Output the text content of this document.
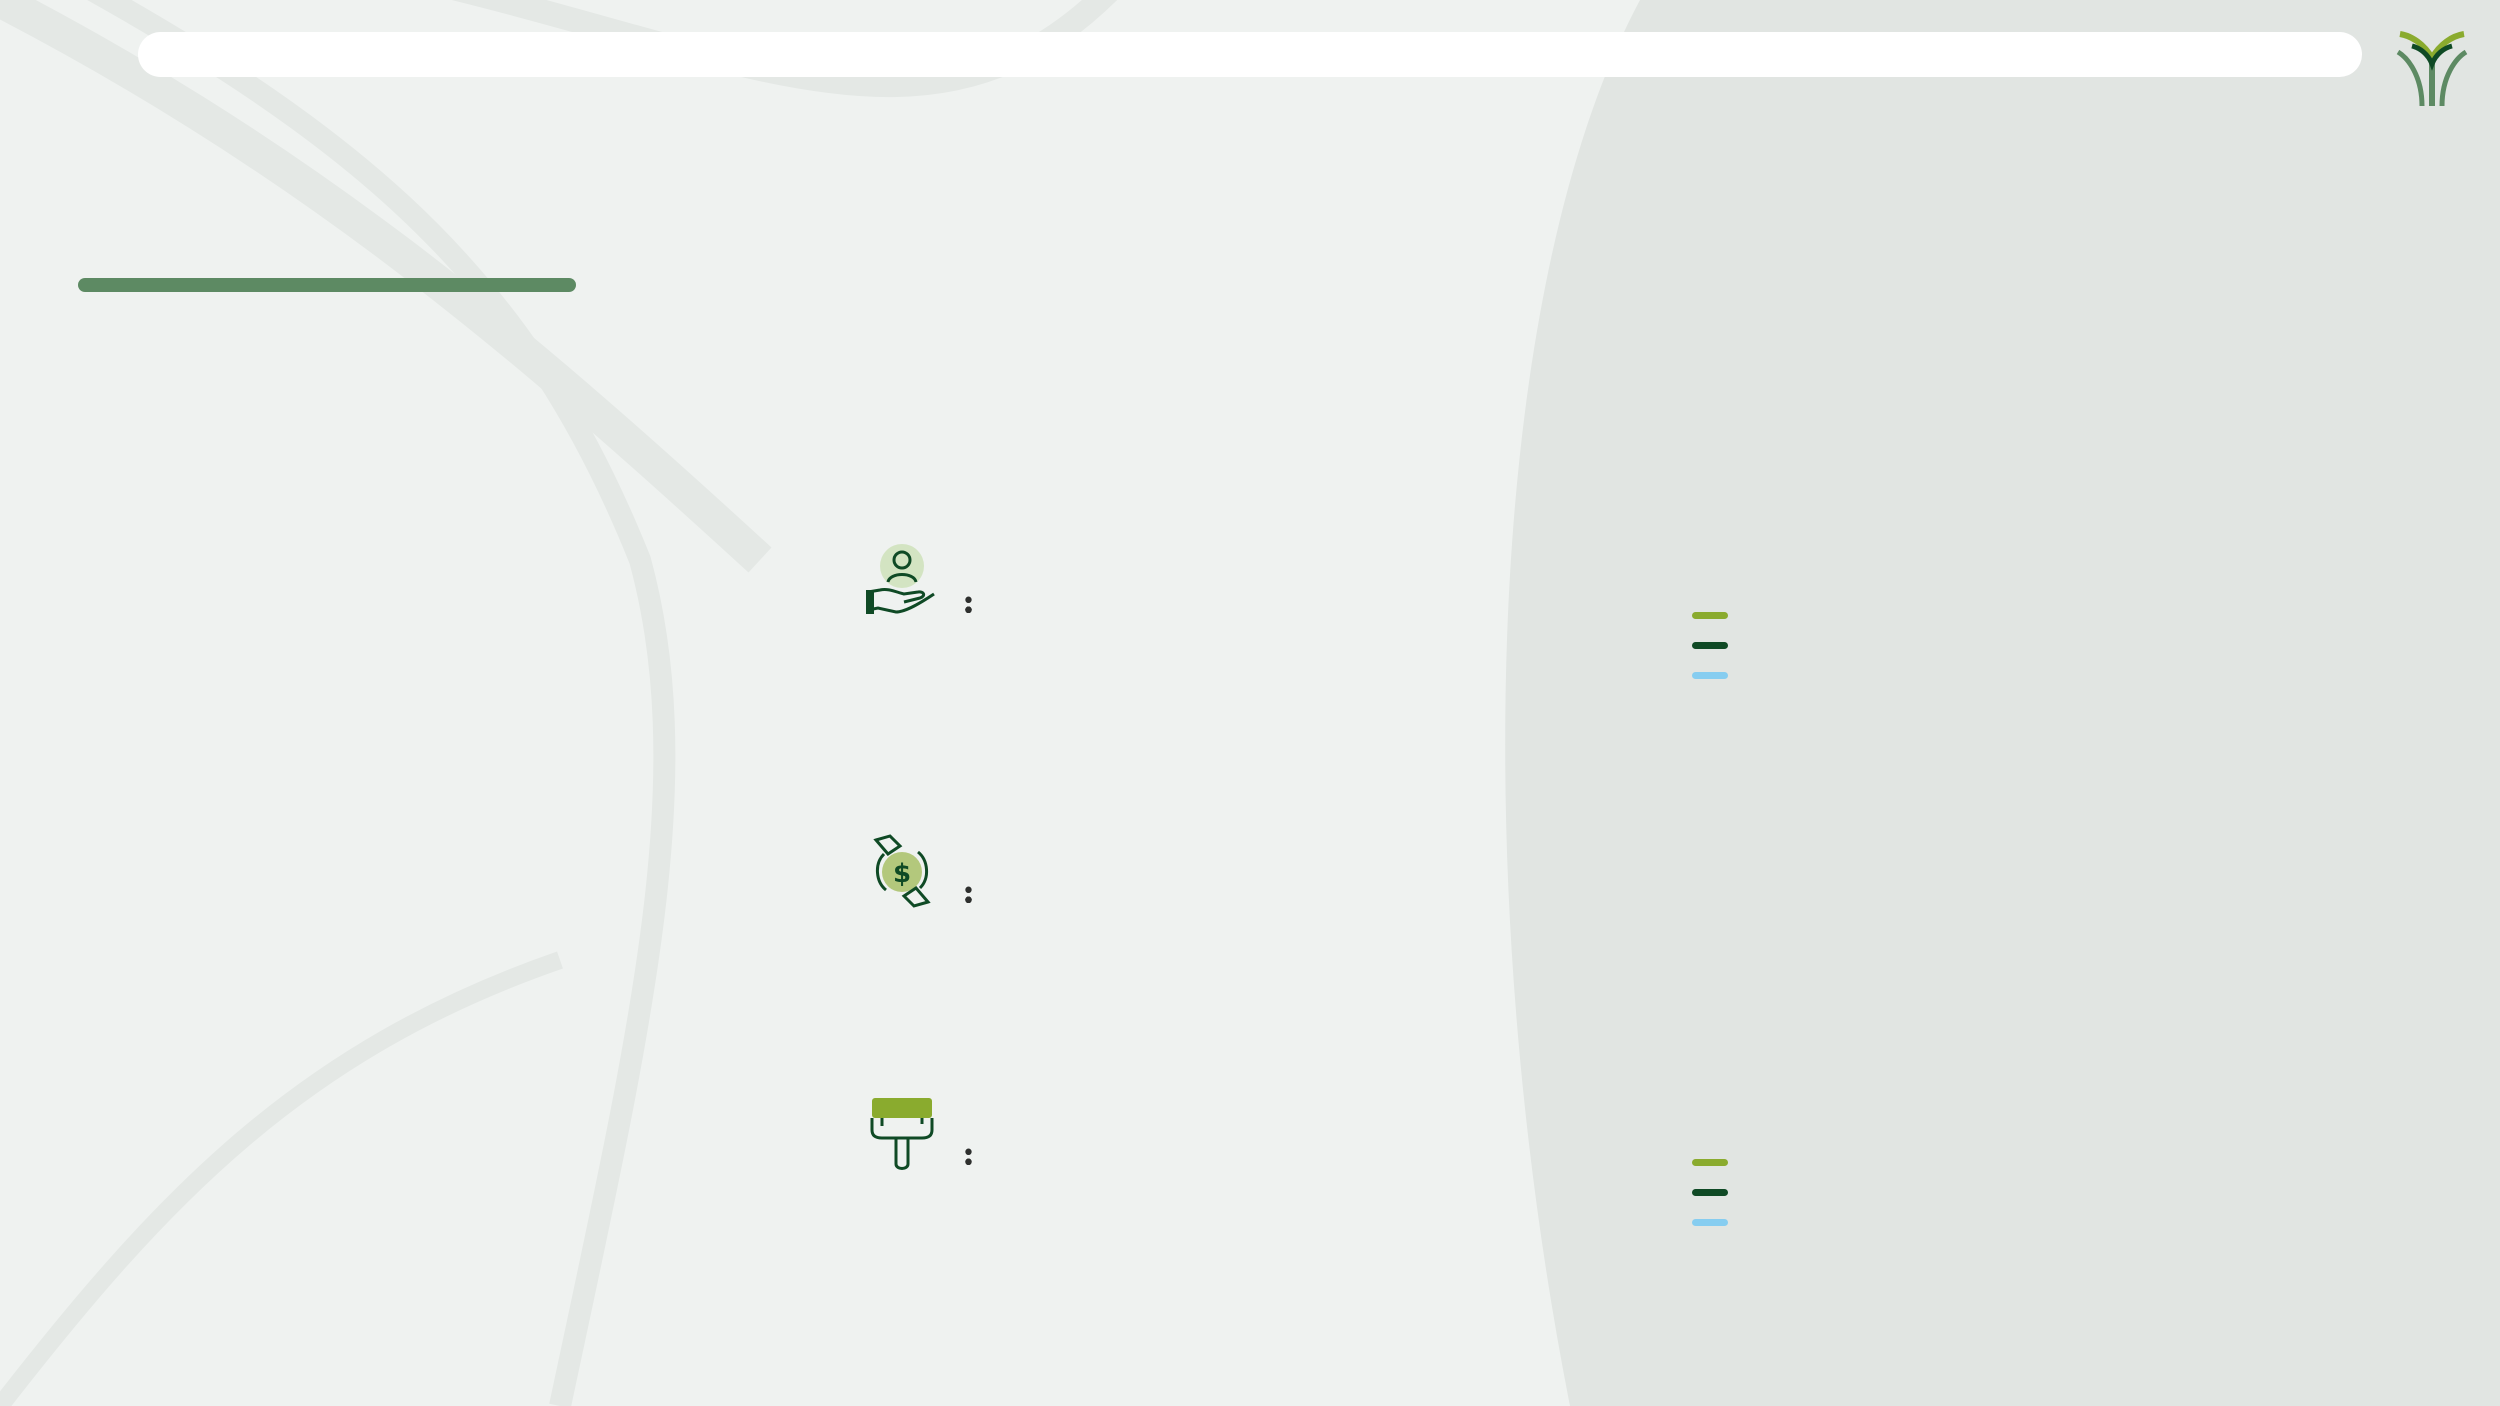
$
